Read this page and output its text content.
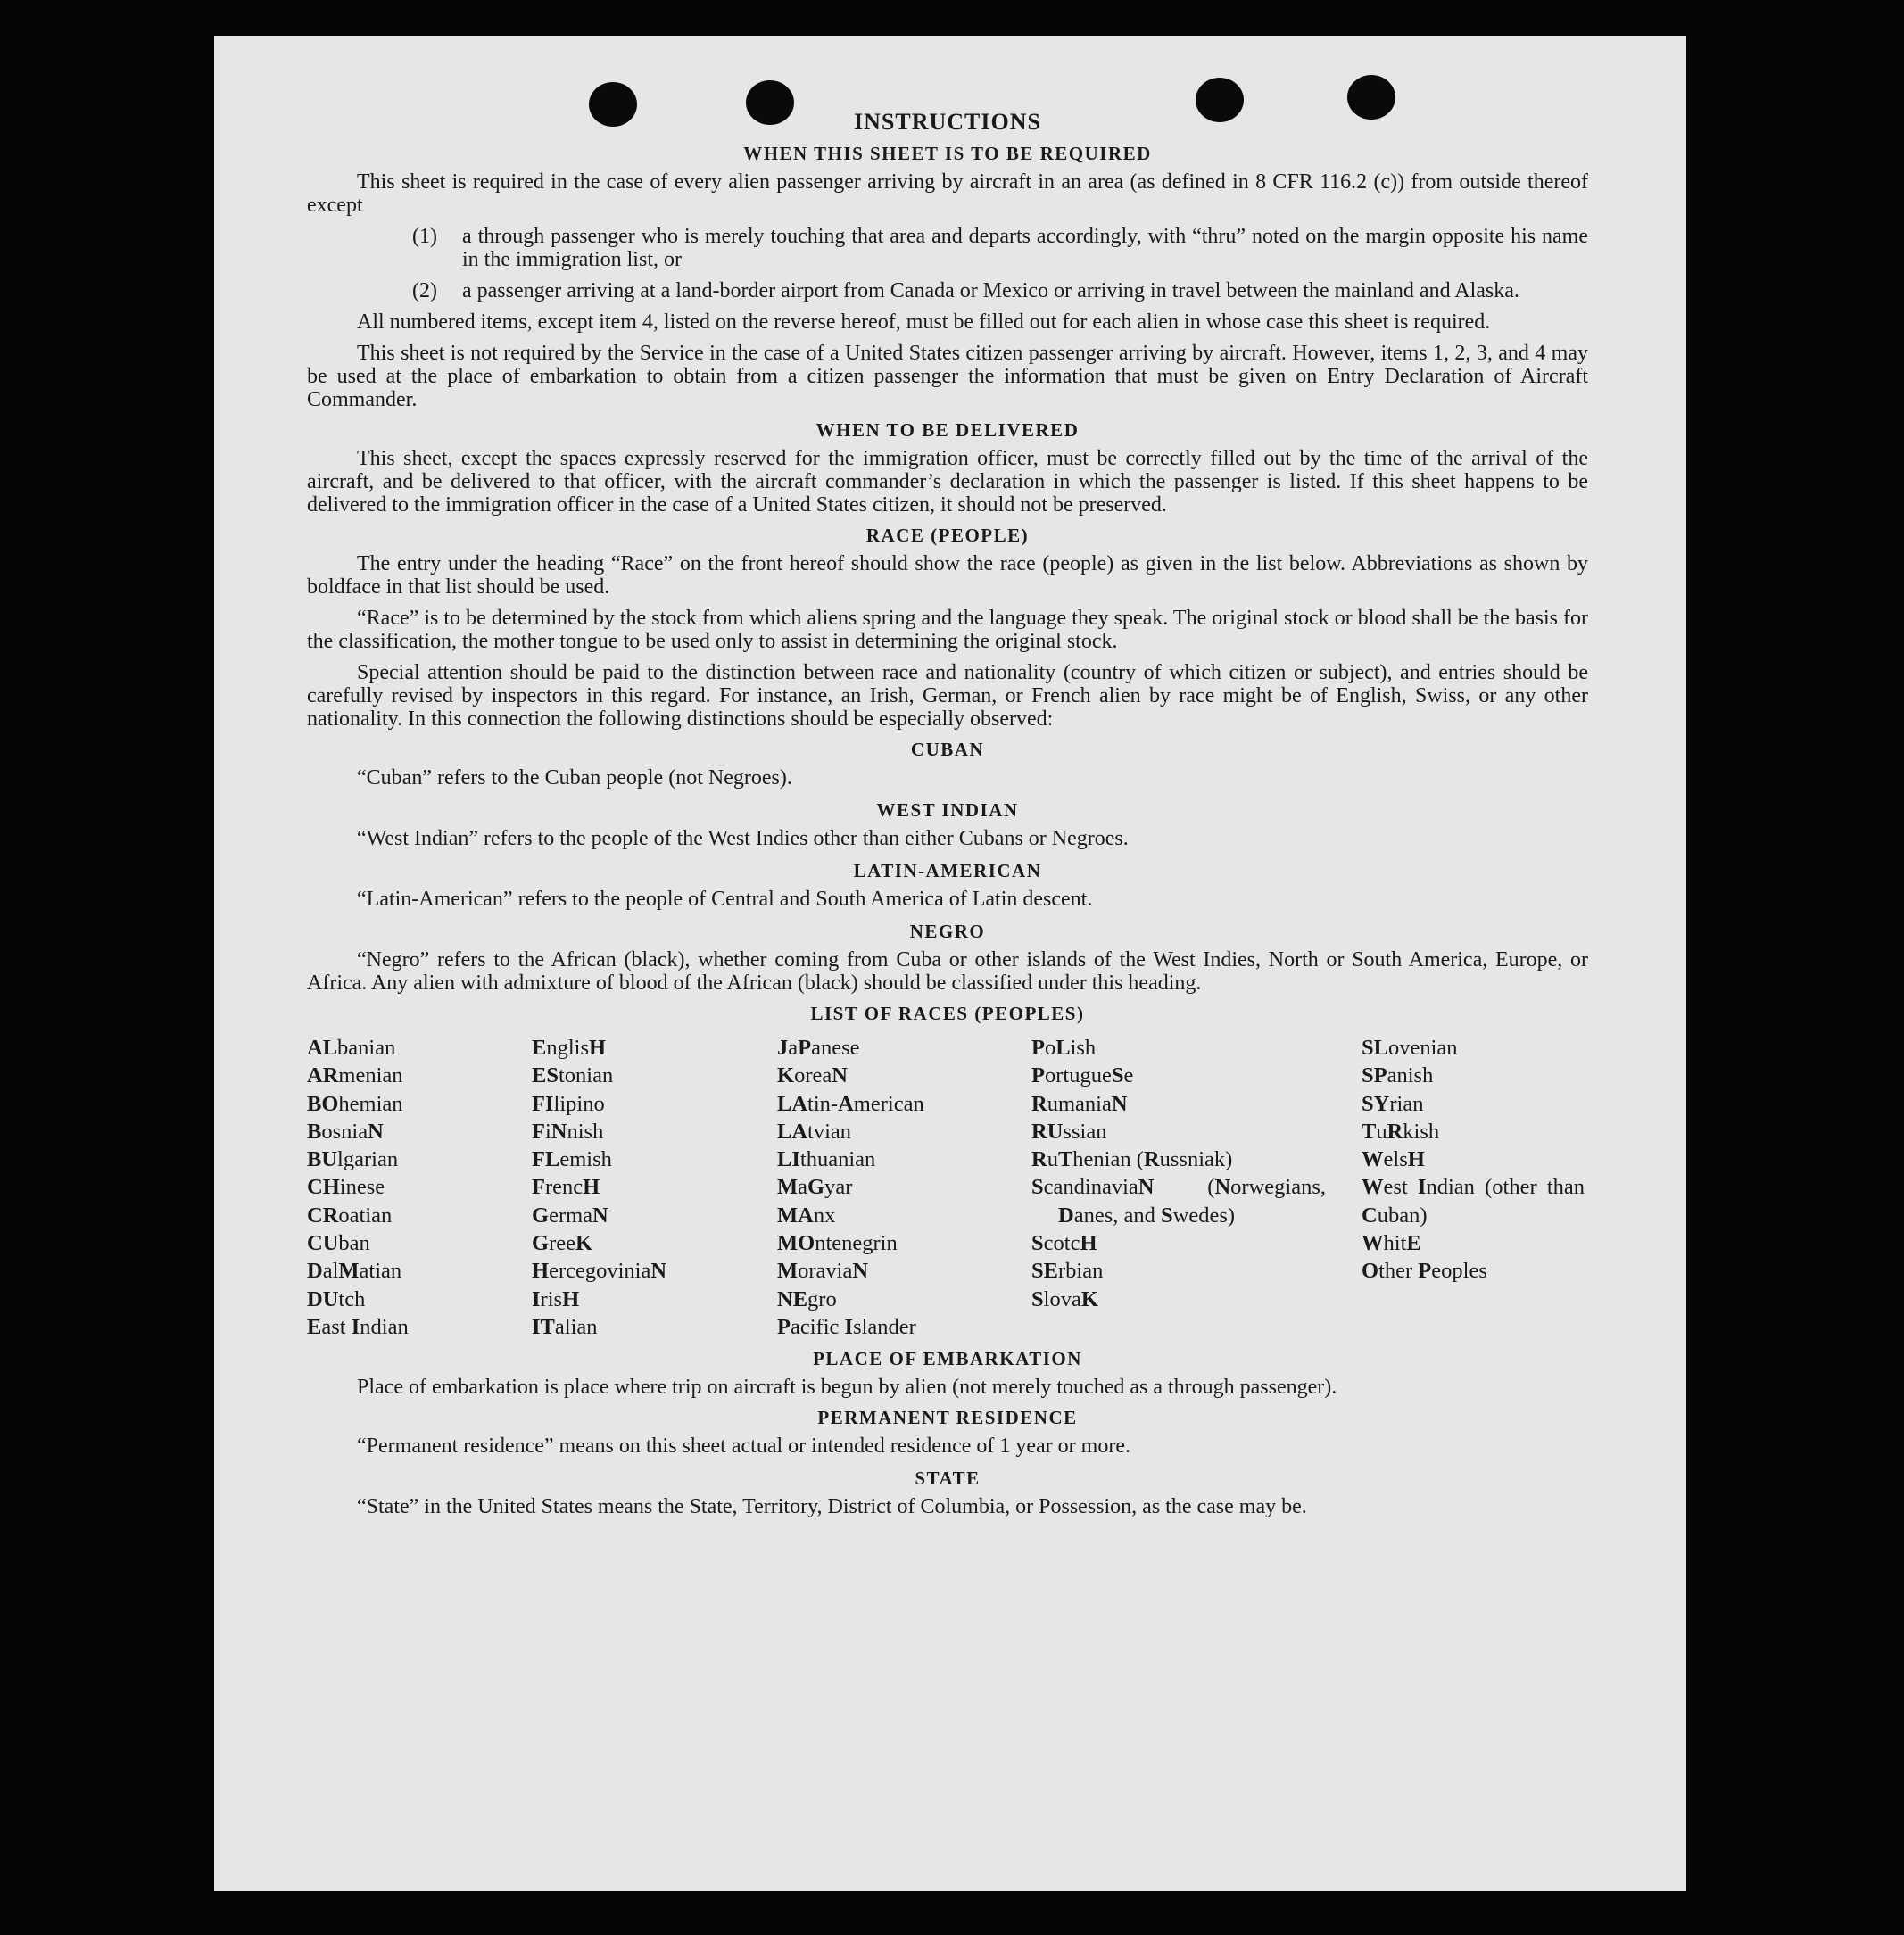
INSTRUCTIONS
WHEN THIS SHEET IS TO BE REQUIRED
This sheet is required in the case of every alien passenger arriving by aircraft in an area (as defined in 8 CFR 116.2 (c)) from outside thereof except
(1)	a through passenger who is merely touching that area and departs accordingly, with “thru” noted on the margin opposite his name in the immigration list, or
(2)	a passenger arriving at a land-border airport from Canada or Mexico or arriving in travel between the mainland and Alaska.
All numbered items, except item 4, listed on the reverse hereof, must be filled out for each alien in whose case this sheet is required.
This sheet is not required by the Service in the case of a United States citizen passenger arriving by aircraft. However, items 1, 2, 3, and 4 may be used at the place of embarkation to obtain from a citizen passenger the information that must be given on Entry Declaration of Aircraft Commander.
WHEN TO BE DELIVERED
This sheet, except the spaces expressly reserved for the immigration officer, must be correctly filled out by the time of the arrival of the aircraft, and be delivered to that officer, with the aircraft commander’s declaration in which the passenger is listed. If this sheet happens to be delivered to the immigration officer in the case of a United States citizen, it should not be preserved.
RACE (PEOPLE)
The entry under the heading “Race” on the front hereof should show the race (people) as given in the list below. Abbreviations as shown by boldface in that list should be used.
“Race” is to be determined by the stock from which aliens spring and the language they speak. The original stock or blood shall be the basis for the classification, the mother tongue to be used only to assist in determining the original stock.
Special attention should be paid to the distinction between race and nationality (country of which citizen or subject), and entries should be carefully revised by inspectors in this regard. For instance, an Irish, German, or French alien by race might be of English, Swiss, or any other nationality. In this connection the following distinctions should be especially observed:
CUBAN
“Cuban” refers to the Cuban people (not Negroes).
WEST INDIAN
“West Indian” refers to the people of the West Indies other than either Cubans or Negroes.
LATIN-AMERICAN
“Latin-American” refers to the people of Central and South America of Latin descent.
NEGRO
“Negro” refers to the African (black), whether coming from Cuba or other islands of the West Indies, North or South America, Europe, or Africa. Any alien with admixture of blood of the African (black) should be classified under this heading.
LIST OF RACES (PEOPLES)
ALbanian
ARmenian
BOhemian
BosniaN
BUlgarian
CHinese
CRoatian
CUban
DalMatian
DUtch
East Indian
EnglisH
EStonian
FIlipino
FiNnish
FLemish
FrencH
GermaN
GreeK
HercegoviniaN
IrisH
ITalian
JaPanese
KoreaN
LAtin-American
LAtvian
LIthuanian
MaGyar
MAnx
MOntenegrin
MoraviaN
NEgro
Pacific Islander
PoLish
PortugueSe
RumaniaN
RUssian
RuThenian (Russniak)
ScandinaviaN (Norwegians, Danes, and Swedes)
ScotcH
SErbian
SlovaK
SLovenian
SPanish
SYrian
TuRkish
WelsH
West Indian (other than Cuban)
WhitE
Other Peoples
PLACE OF EMBARKATION
Place of embarkation is place where trip on aircraft is begun by alien (not merely touched as a through passenger).
PERMANENT RESIDENCE
“Permanent residence” means on this sheet actual or intended residence of 1 year or more.
STATE
“State” in the United States means the State, Territory, District of Columbia, or Possession, as the case may be.
